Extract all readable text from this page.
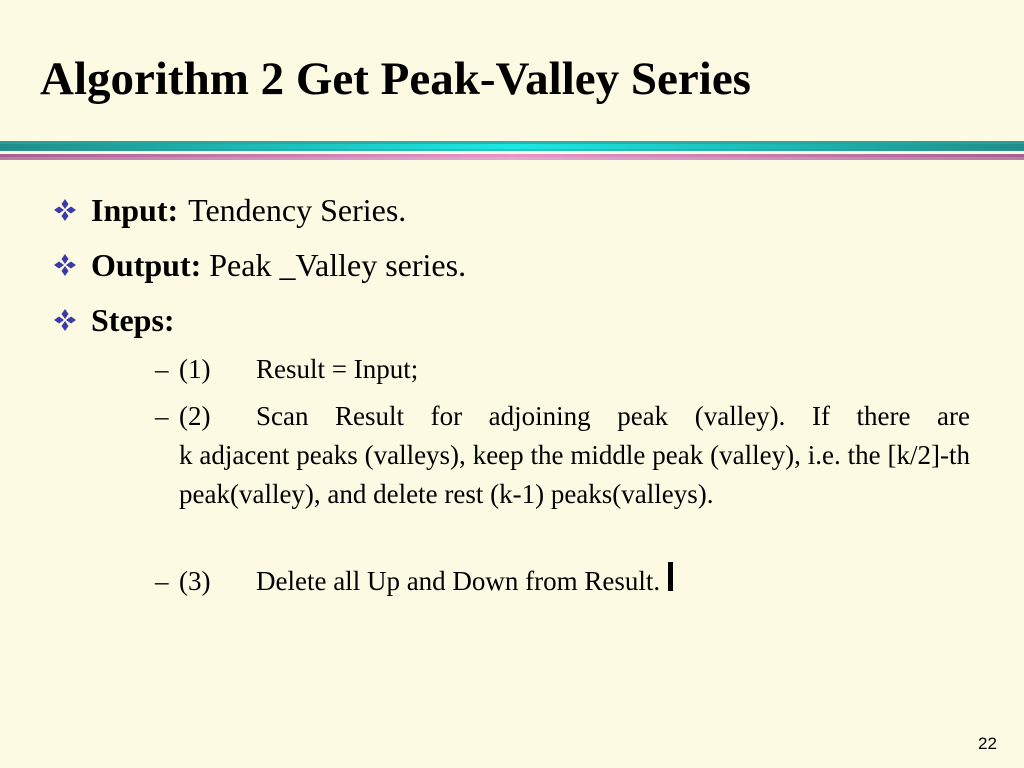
Algorithm 2 Get Peak-Valley Series
Input: Tendency Series.
Output: Peak _Valley series.
Steps:
– (1)	Result = Input;
– (2)	Scan Result for adjoining peak (valley). If there are
k adjacent peaks (valleys), keep the middle peak (valley), i.e. the [k/2]-th peak(valley), and delete rest (k-1) peaks(valleys).
– (3)	Delete all Up and Down from Result.
22
